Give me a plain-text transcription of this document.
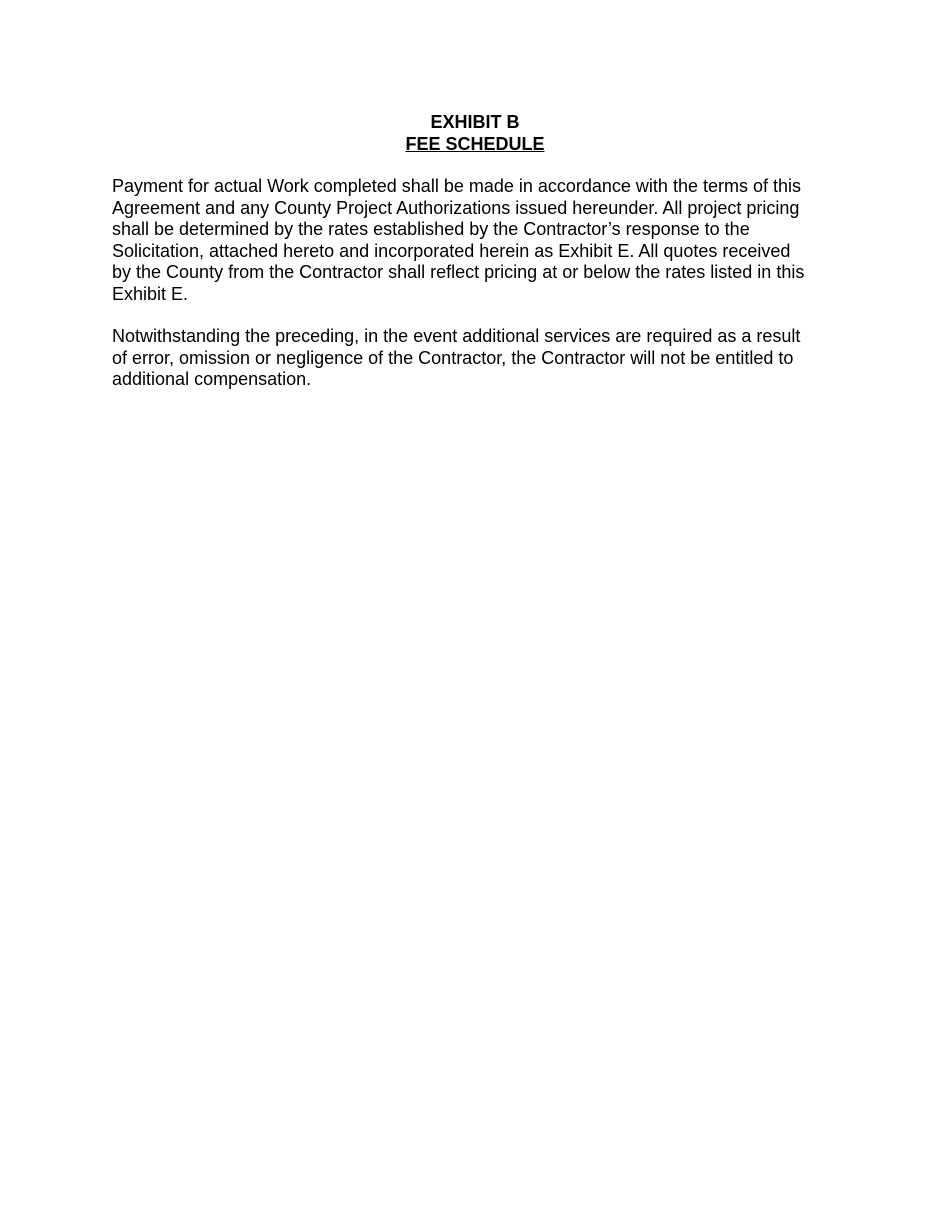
EXHIBIT B
FEE SCHEDULE

Payment for actual Work completed shall be made in accordance with the terms of this
Agreement and any County Project Authorizations issued hereunder. All project pricing
shall be determined by the rates established by the Contractor’s response to the
Solicitation, attached hereto and incorporated herein as Exhibit E. All quotes received
by the County from the Contractor shall reflect pricing at or below the rates listed in this
Exhibit E.

Notwithstanding the preceding, in the event additional services are required as a result
of error, omission or negligence of the Contractor, the Contractor will not be entitled to
additional compensation.
